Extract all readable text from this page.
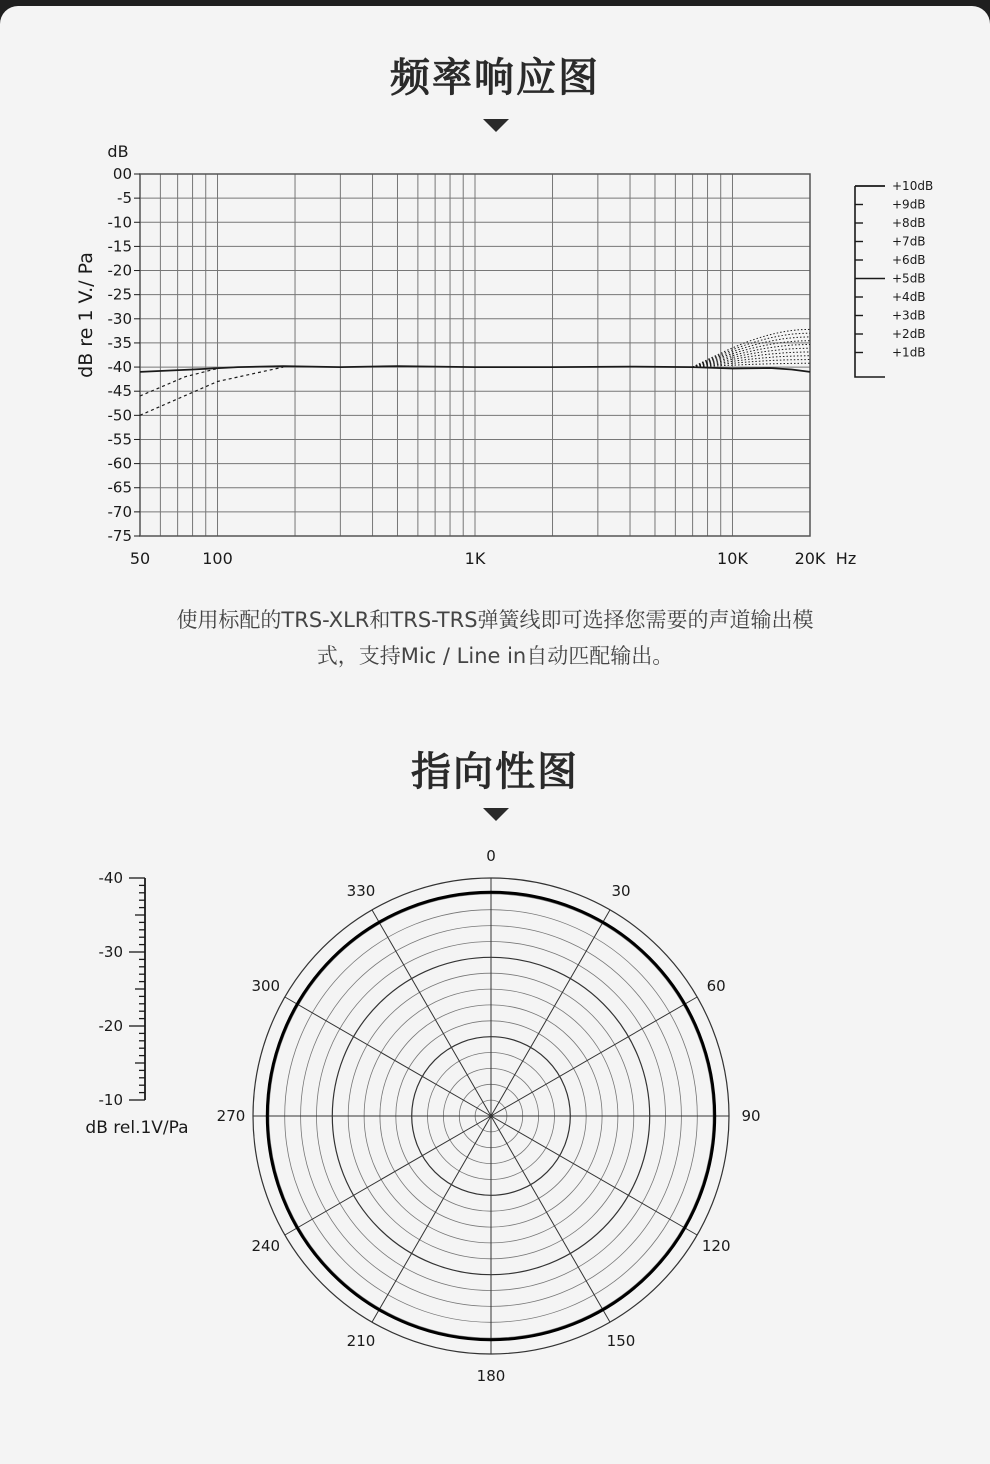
频率响应图
00
-5
-10
-15
-20
-25
-30
-35
-40
-45
-50
-55
-60
-65
-70
-75
dB
dB re 1 V./ Pa
50	100	1K	10K	20K Hz
+10dB
+9dB
+8dB
+7dB
+6dB
+5dB
+4dB
+3dB
+2dB
+1dB
使用标配的TRS-XLR和TRS-TRS弹簧线即可选择您需要的声道输出模
式，支持Mic / Line in自动匹配输出。
指向性图
0
30
60
90
120
150
180
210
240
270
300
330
-40
-30
-20
-10
dB rel.1V/Pa
